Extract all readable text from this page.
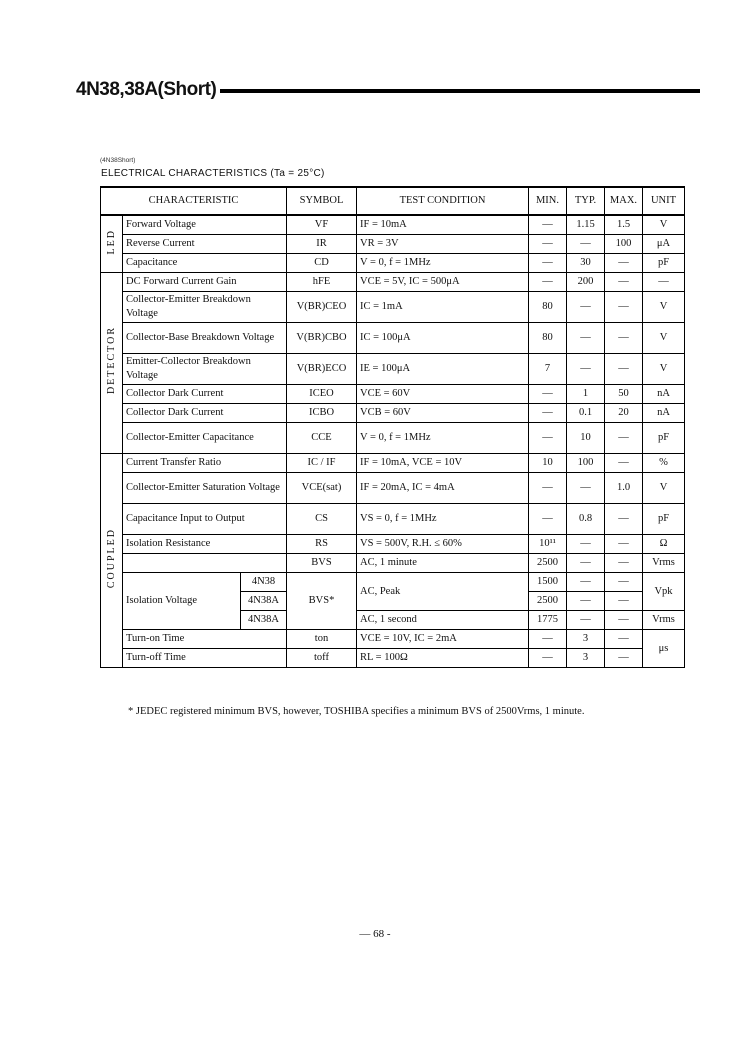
4N38,38A(Short)
(4N38Short)
ELECTRICAL CHARACTERISTICS (Ta = 25°C)
CHARACTERISTIC			SYMBOL	TEST CONDITION	MIN.	TYP.	MAX.	UNIT
LED	Forward Voltage		VF	IF = 10mA	—	1.15	1.5	V
	Reverse Current		IR	VR = 3V	—	—	100	μA
	Capacitance		CD	V = 0, f = 1MHz	—	30	—	pF
DETECTOR	DC Forward Current Gain		hFE	VCE = 5V, IC = 500μA	—	200	—	—
	Collector-Emitter Breakdown Voltage		V(BR)CEO	IC = 1mA	80	—	—	V
	Collector-Base Breakdown Voltage		V(BR)CBO	IC = 100μA	80	—	—	V
	Emitter-Collector Breakdown Voltage		V(BR)ECO	IE = 100μA	7	—	—	V
	Collector Dark Current		ICEO	VCE = 60V	—	1	50	nA
	Collector Dark Current		ICBO	VCB = 60V	—	0.1	20	nA
	Collector-Emitter Capacitance		CCE	V = 0, f = 1MHz	—	10	—	pF
COUPLED	Current Transfer Ratio		IC / IF	IF = 10mA, VCE = 10V	10	100	—	%
	Collector-Emitter Saturation Voltage		VCE(sat)	IF = 20mA, IC = 4mA	—	—	1.0	V
	Capacitance Input to Output		CS	VS = 0, f = 1MHz	—	0.8	—	pF
	Isolation Resistance		RS	VS = 500V, R.H. ≤ 60%	10¹¹	—	—	Ω
			BVS	AC, 1 minute	2500	—	—	Vrms
	Isolation Voltage	4N38	BVS*	AC, Peak	1500	—	—	Vpk
		4N38A			2500	—	—	
		4N38A		AC, 1 second	1775	—	—	Vrms
	Turn-on Time		ton	VCE = 10V, IC = 2mA	—	3	—	μs
	Turn-off Time		toff	RL = 100Ω	—	3	—	
* JEDEC registered minimum BVS, however, TOSHIBA specifies a minimum BVS of 2500Vrms, 1 minute.
— 68 -
